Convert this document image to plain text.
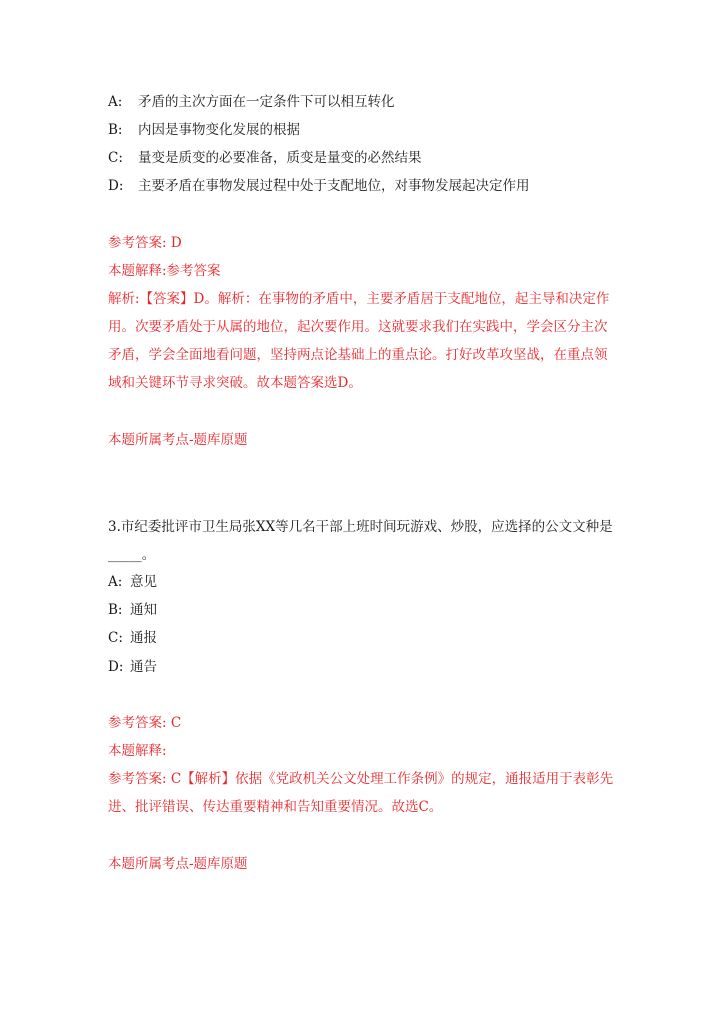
A: 矛盾的主次方面在一定条件下可以相互转化
B: 内因是事物变化发展的根据
C: 量变是质变的必要准备，质变是量变的必然结果
D: 主要矛盾在事物发展过程中处于支配地位，对事物发展起决定作用
参考答案: D
本题解释:参考答案
解析:【答案】D。解析：在事物的矛盾中，主要矛盾居于支配地位，起主导和决定作用。次要矛盾处于从属的地位，起次要作用。这就要求我们在实践中，学会区分主次矛盾，学会全面地看问题，坚持两点论基础上的重点论。打好改革攻坚战，在重点领域和关键环节寻求突破。故本题答案选D。
本题所属考点-题库原题
3.市纪委批评市卫生局张XX等几名干部上班时间玩游戏、炒股，应选择的公文文种是_____。
A: 意见
B: 通知
C: 通报
D: 通告
参考答案: C
本题解释:
参考答案: C【解析】依据《党政机关公文处理工作条例》的规定，通报适用于表彰先进、批评错误、传达重要精神和告知重要情况。故选C。
本题所属考点-题库原题
